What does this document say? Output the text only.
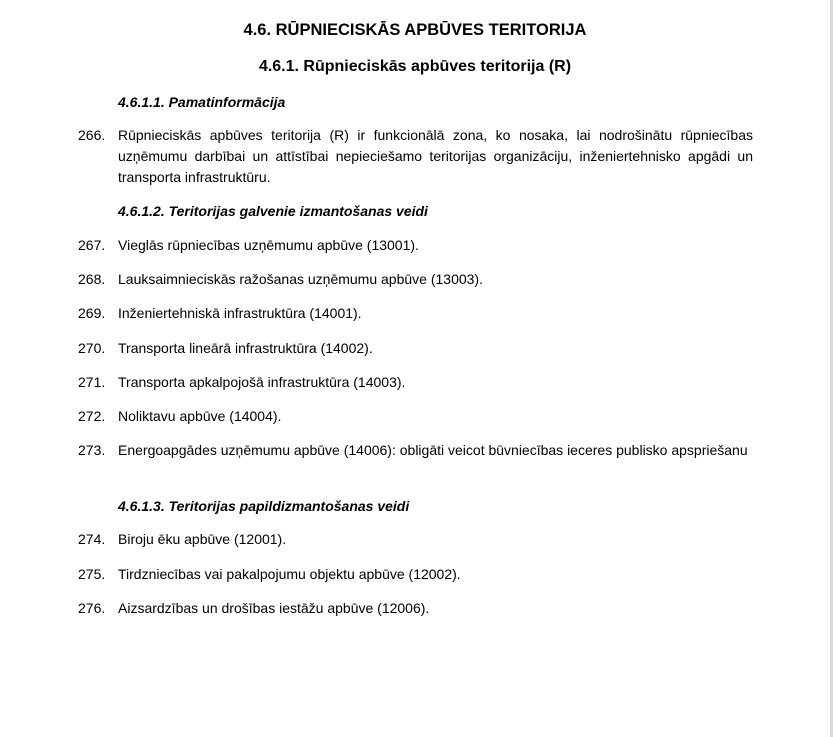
4.6. RŪPNIECISKĀS APBŪVES TERITORIJA
4.6.1. Rūpnieciskās apbūves teritorija (R)
4.6.1.1. Pamatinformācija
266. Rūpnieciskās apbūves teritorija (R) ir funkcionālā zona, ko nosaka, lai nodrošinātu rūpniecības uzņēmumu darbībai un attīstībai nepieciešamo teritorijas organizāciju, inženiertehnisko apgādi un transporta infrastruktūru.
4.6.1.2. Teritorijas galvenie izmantošanas veidi
267. Vieglās rūpniecības uzņēmumu apbūve (13001).
268. Lauksaimnieciskās ražošanas uzņēmumu apbūve (13003).
269. Inženiertehniskā infrastruktūra (14001).
270. Transporta lineārā infrastruktūra (14002).
271. Transporta apkalpojošā infrastruktūra (14003).
272. Noliktavu apbūve (14004).
273. Energoapgādes uzņēmumu apbūve (14006): obligāti veicot būvniecības ieceres publisko apspriešanu
4.6.1.3. Teritorijas papildizmantošanas veidi
274. Biroju ēku apbūve (12001).
275. Tirdzniecības vai pakalpojumu objektu apbūve (12002).
276. Aizsardzības un drošības iestāžu apbūve (12006).
